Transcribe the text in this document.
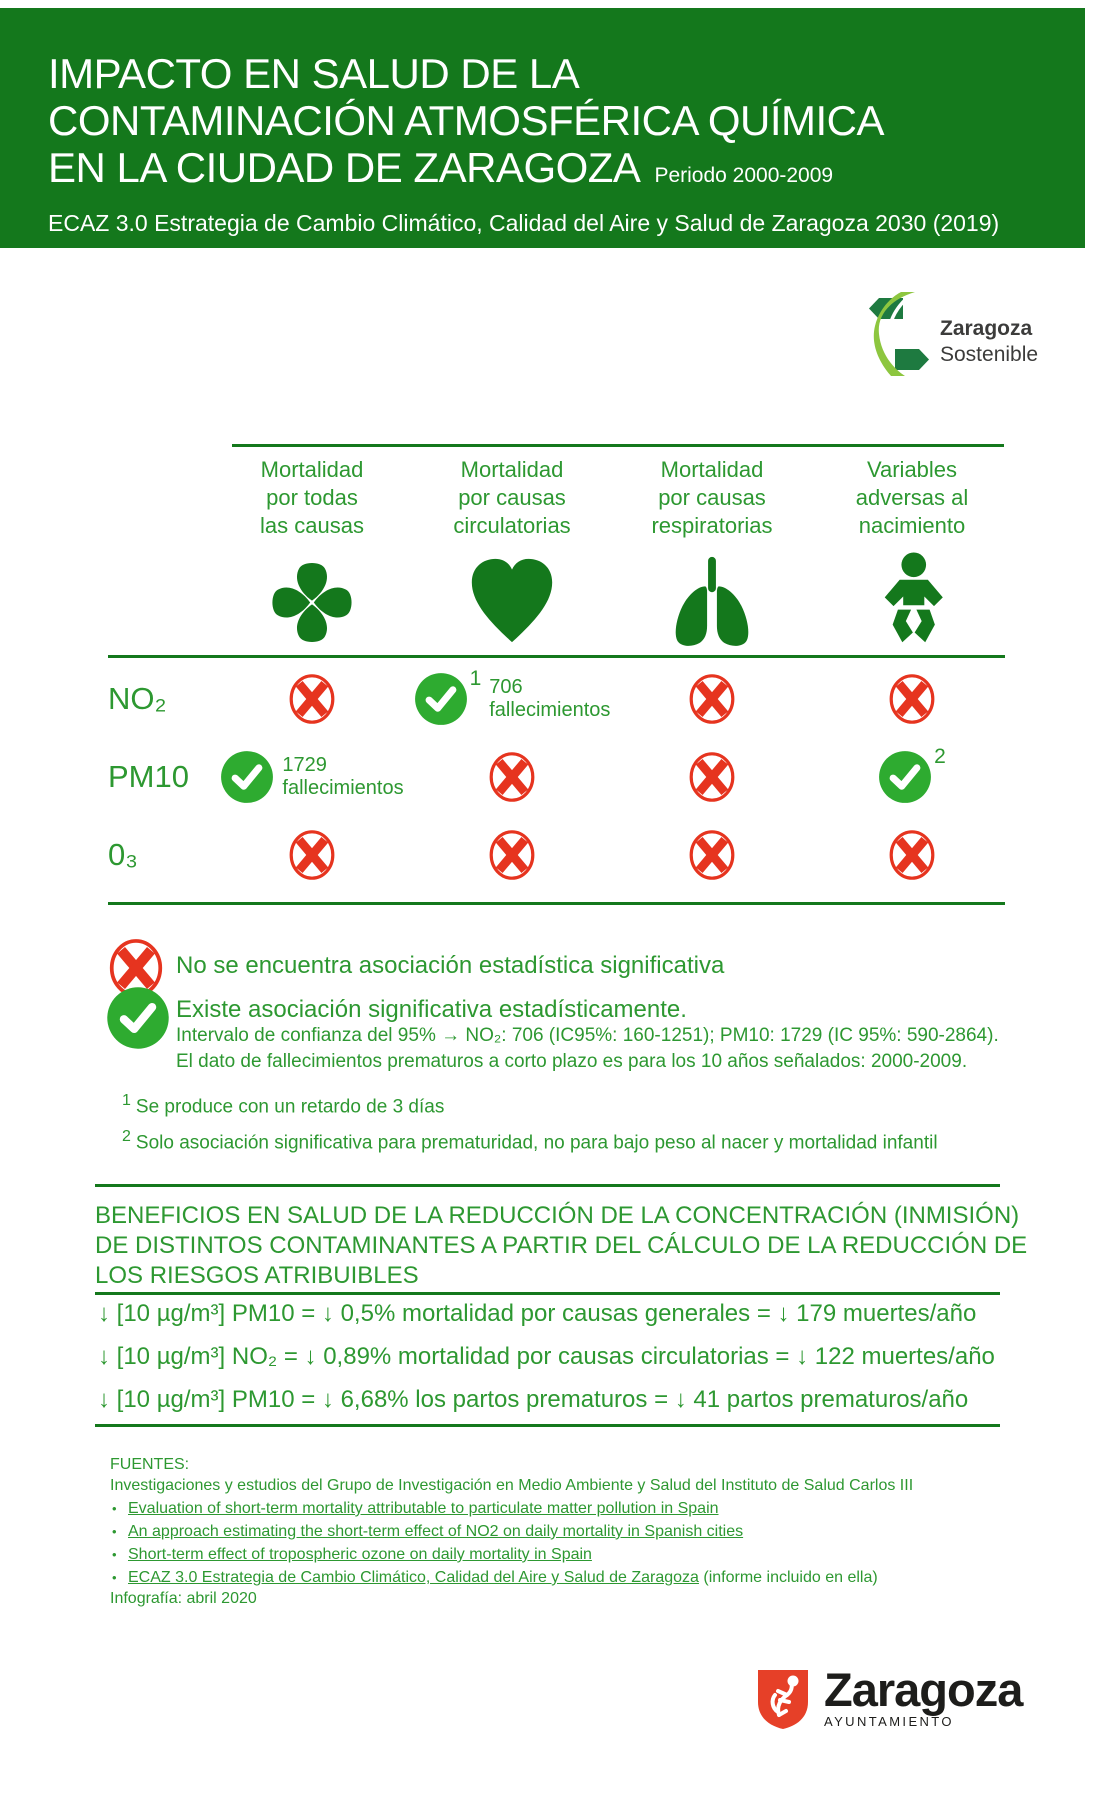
IMPACTO EN SALUD DE LA
CONTAMINACIÓN ATMOSFÉRICA QUÍMICA
EN LA CIUDAD DE ZARAGOZA Periodo 2000-2009
ECAZ 3.0 Estrategia de Cambio Climático, Calidad del Aire y Salud de Zaragoza 2030 (2019)
Zaragoza
Sostenible
Mortalidad
por todas
las causas
Mortalidad
por causas
circulatorias
Mortalidad
por causas
respiratorias
Variables
adversas al
nacimiento
NO₂
1 706
fallecimientos
PM10	1729
fallecimientos
2
0₃
No se encuentra asociación estadística significativa
Existe asociación significativa estadísticamente.
Intervalo de confianza del 95% → NO₂: 706 (IC95%: 160-1251); PM10: 1729 (IC 95%: 590-2864).
El dato de fallecimientos prematuros a corto plazo es para los 10 años señalados: 2000-2009.
$^1$ Se produce con un retardo de 3 días
$^2$ Solo asociación significativa para prematuridad, no para bajo peso al nacer y mortalidad infantil
BENEFICIOS EN SALUD DE LA REDUCCIÓN DE LA CONCENTRACIÓN (INMISIÓN)
DE DISTINTOS CONTAMINANTES A PARTIR DEL CÁLCULO DE LA REDUCCIÓN DE
LOS RIESGOS ATRIBUIBLES
↓ [10 µg/m³] PM10 = ↓ 0,5% mortalidad por causas generales = ↓ 179 muertes/año
↓ [10 µg/m³] NO₂ = ↓ 0,89% mortalidad por causas circulatorias = ↓ 122 muertes/año
↓ [10 µg/m³] PM10 = ↓ 6,68% los partos prematuros = ↓ 41 partos prematuros/año
FUENTES:
Investigaciones y estudios del Grupo de Investigación en Medio Ambiente y Salud del Instituto de Salud Carlos III
• Evaluation of short-term mortality attributable to particulate matter pollution in Spain
• An approach estimating the short-term effect of NO2 on daily mortality in Spanish cities
• Short-term effect of tropospheric ozone on daily mortality in Spain
• ECAZ 3.0 Estrategia de Cambio Climático, Calidad del Aire y Salud de Zaragoza (informe incluido en ella)
Infografía: abril 2020
Zaragoza
AYUNTAMIENTO
